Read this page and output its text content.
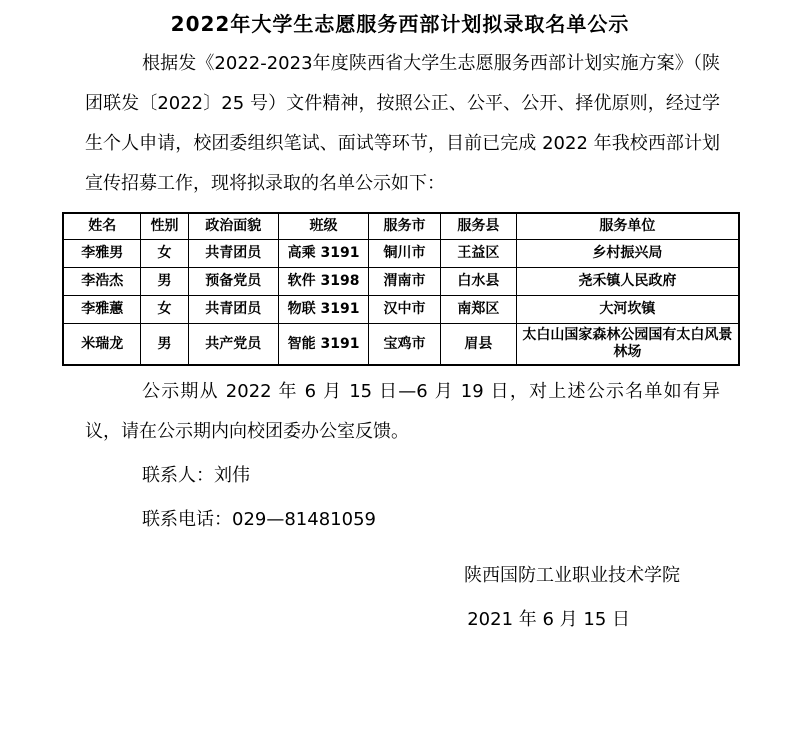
2022年大学生志愿服务西部计划拟录取名单公示

根据发《2022-2023年度陕西省大学生志愿服务西部计划实施方案》（陕团联发〔2022〕25 号）文件精神，按照公正、公平、公开、择优原则，经过学生个人申请，校团委组织笔试、面试等环节，目前已完成 2022 年我校西部计划宣传招募工作，现将拟录取的名单公示如下：

姓名	性别	政治面貌	班级	服务市	服务县	服务单位
李雅男	女	共青团员	高乘 3191	铜川市	王益区	乡村振兴局
李浩杰	男	预备党员	软件 3198	渭南市	白水县	尧禾镇人民政府
李雅蕙	女	共青团员	物联 3191	汉中市	南郑区	大河坎镇
米瑞龙	男	共产党员	智能 3191	宝鸡市	眉县	太白山国家森林公园国有太白风景林场

公示期从 2022 年 6 月 15 日—6 月 19 日，对上述公示名单如有异议，请在公示期内向校团委办公室反馈。

联系人：刘伟

联系电话：029—81481059

陕西国防工业职业技术学院
2021 年 6 月 15 日
